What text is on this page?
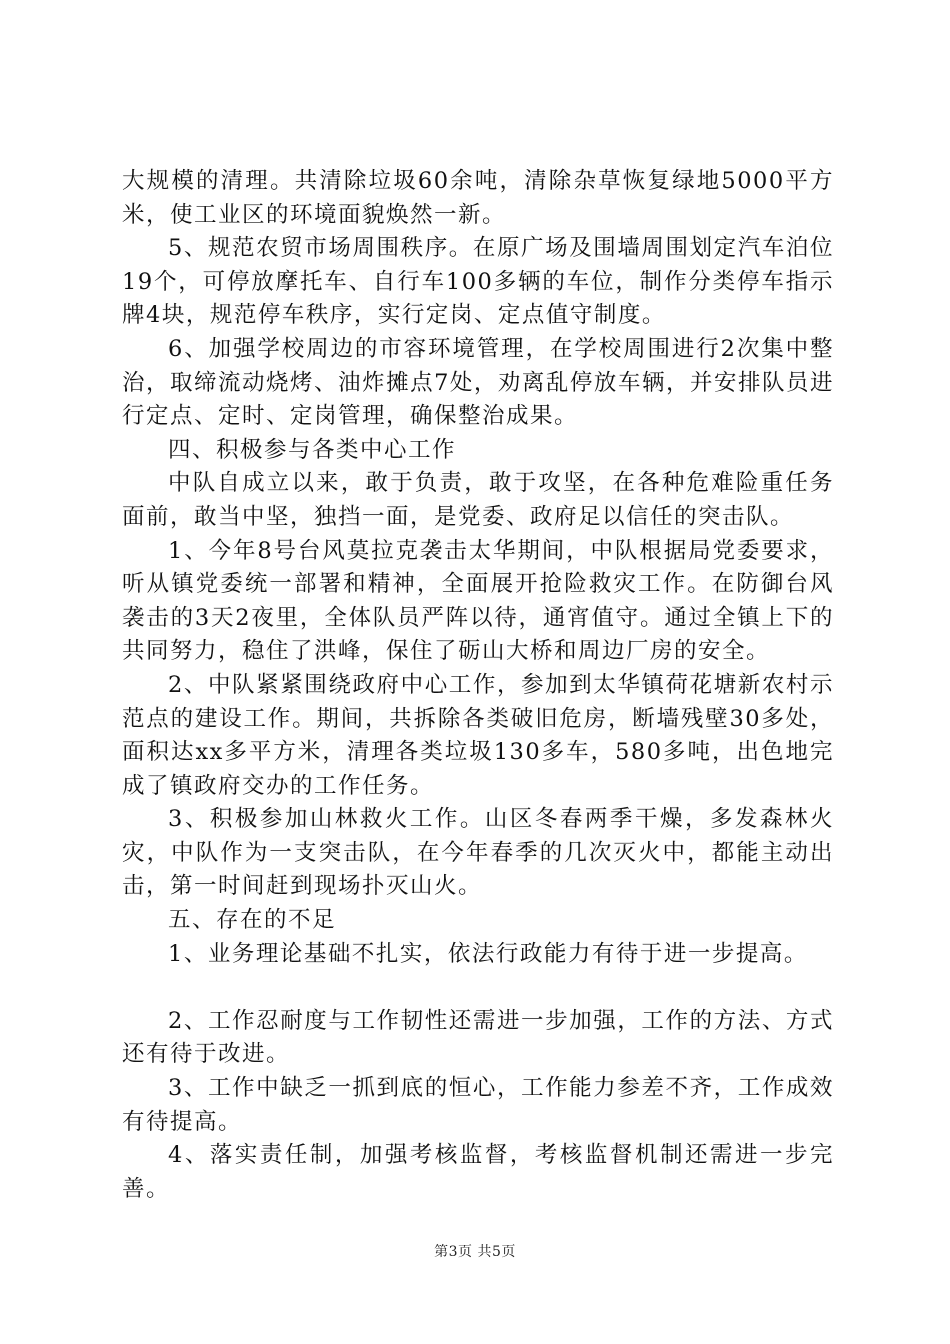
大规模的清理。共清除垃圾60余吨，清除杂草恢复绿地5000平方米，使工业区的环境面貌焕然一新。

5、规范农贸市场周围秩序。在原广场及围墙周围划定汽车泊位19个，可停放摩托车、自行车100多辆的车位，制作分类停车指示牌4块，规范停车秩序，实行定岗、定点值守制度。

6、加强学校周边的市容环境管理，在学校周围进行2次集中整治，取缔流动烧烤、油炸摊点7处，劝离乱停放车辆，并安排队员进行定点、定时、定岗管理，确保整治成果。

四、积极参与各类中心工作

中队自成立以来，敢于负责，敢于攻坚，在各种危难险重任务面前，敢当中坚，独挡一面，是党委、政府足以信任的突击队。

1、今年8号台风莫拉克袭击太华期间，中队根据局党委要求，听从镇党委统一部署和精神，全面展开抢险救灾工作。在防御台风袭击的3天2夜里，全体队员严阵以待，通宵值守。通过全镇上下的共同努力，稳住了洪峰，保住了砺山大桥和周边厂房的安全。

2、中队紧紧围绕政府中心工作，参加到太华镇荷花塘新农村示范点的建设工作。期间，共拆除各类破旧危房，断墙残壁30多处，面积达xx多平方米，清理各类垃圾130多车，580多吨，出色地完成了镇政府交办的工作任务。

3、积极参加山林救火工作。山区冬春两季干燥，多发森林火灾，中队作为一支突击队，在今年春季的几次灭火中，都能主动出击，第一时间赶到现场扑灭山火。

五、存在的不足

1、业务理论基础不扎实，依法行政能力有待于进一步提高。

2、工作忍耐度与工作韧性还需进一步加强，工作的方法、方式还有待于改进。

3、工作中缺乏一抓到底的恒心，工作能力参差不齐，工作成效有待提高。

4、落实责任制，加强考核监督，考核监督机制还需进一步完善。

第3页 共5页
